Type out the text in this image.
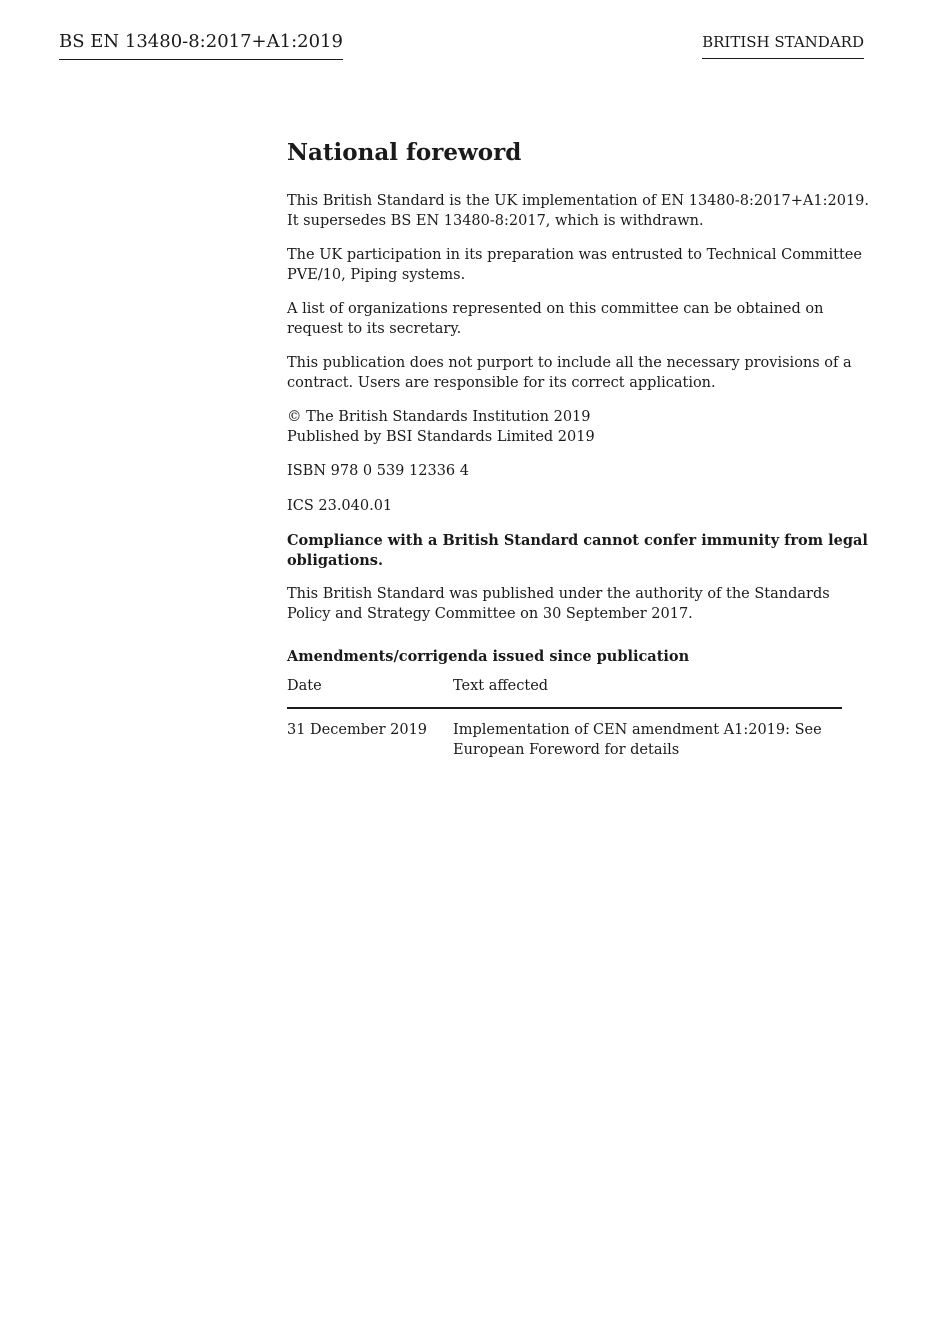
BS EN 13480-8:2017+A1:2019	BRITISH STANDARD
National foreword

This British Standard is the UK implementation of EN 13480-8:2017+A1:2019.
It supersedes BS EN 13480-8:2017, which is withdrawn.

The UK participation in its preparation was entrusted to Technical Committee
PVE/10, Piping systems.

A list of organizations represented on this committee can be obtained on
request to its secretary.

This publication does not purport to include all the necessary provisions of a
contract. Users are responsible for its correct application.

© The British Standards Institution 2019
Published by BSI Standards Limited 2019

ISBN 978 0 539 12336 4

ICS 23.040.01

Compliance with a British Standard cannot confer immunity from legal
obligations.

This British Standard was published under the authority of the Standards
Policy and Strategy Committee on 30 September 2017.

Amendments/corrigenda issued since publication
Date	Text affected
31 December 2019	Implementation of CEN amendment A1:2019: See
European Foreword for details
